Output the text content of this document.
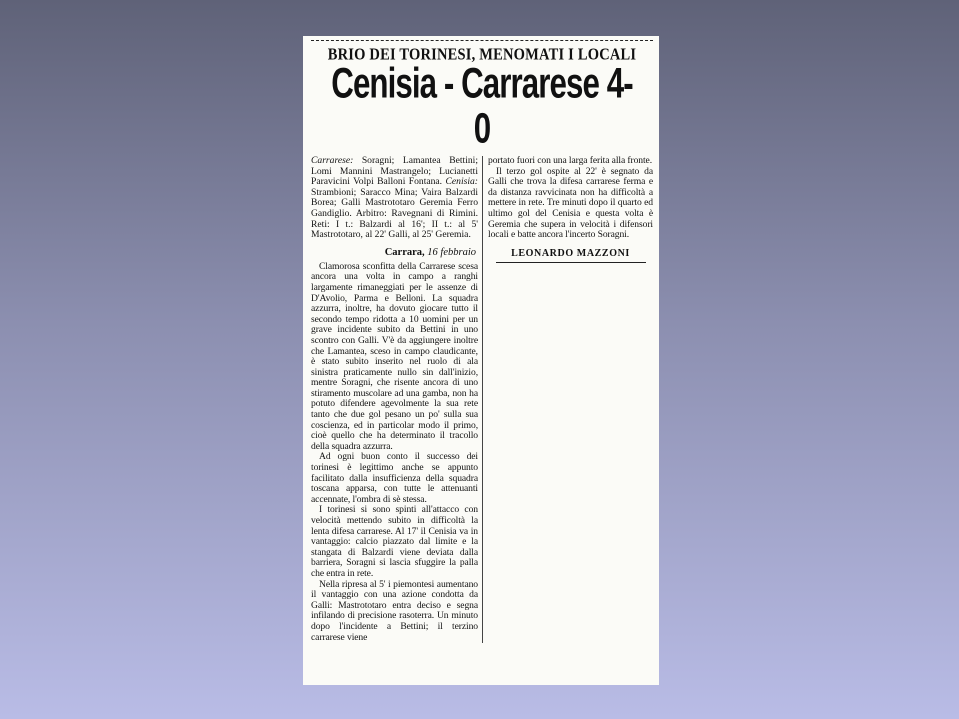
BRIO DEI TORINESI, MENOMATI I LOCALI
Cenisia - Carrarese 4-0

Carrarese: Soragni; Lamantea Bettini; Lomi Mannini Mastrangelo; Lucianetti Paravicini Volpi Balloni Fontana. Cenisia: Strambioni; Saracco Mina; Vaira Balzardi Borea; Galli Mastrototaro Geremia Ferro Gandiglio. Arbitro: Ravegnani di Rimini. Reti: I t.: Balzardi al 16'; II t.: al 5' Mastrototaro, al 22' Galli, al 25' Geremia.

Carrara, 16 febbraio

Clamorosa sconfitta della Carrarese scesa ancora una volta in campo a ranghi largamente rimaneggiati per le assenze di D'Avolio, Parma e Belloni. La squadra azzurra, inoltre, ha dovuto giocare tutto il secondo tempo ridotta a 10 uomini per un grave incidente subito da Bettini in uno scontro con Galli. V'è da aggiungere inoltre che Lamantea, sceso in campo claudicante, è stato subito inserito nel ruolo di ala sinistra praticamente nullo sin dall'inizio, mentre Soragni, che risente ancora di uno stiramento muscolare ad una gamba, non ha potuto difendere agevolmente la sua rete tanto che due gol pesano un po' sulla sua coscienza, ed in particolar modo il primo, cioè quello che ha determinato il tracollo della squadra azzurra.

Ad ogni buon conto il successo dei torinesi è legittimo anche se appunto facilitato dalla insufficienza della squadra toscana apparsa, con tutte le attenuanti accennate, l'ombra di sè stessa.

I torinesi si sono spinti all'attacco con velocità mettendo subito in difficoltà la lenta difesa carrarese. Al 17' il Cenisia va in vantaggio: calcio piazzato dal limite e la stangata di Balzardi viene deviata dalla barriera, Soragni si lascia sfuggire la palla che entra in rete.

Nella ripresa al 5' i piemontesi aumentano il vantaggio con una azione condotta da Galli: Mastrototaro entra deciso e segna infilando di precisione rasoterra. Un minuto dopo l'incidente a Bettini; il terzino carrarese viene

portato fuori con una larga ferita alla fronte.

Il terzo gol ospite al 22' è segnato da Galli che trova la difesa carrarese ferma e da distanza ravvicinata non ha difficoltà a mettere in rete. Tre minuti dopo il quarto ed ultimo gol del Cenisia e questa volta è Geremia che supera in velocità i difensori locali e batte ancora l'incerto Soragni.

LEONARDO MAZZONI
